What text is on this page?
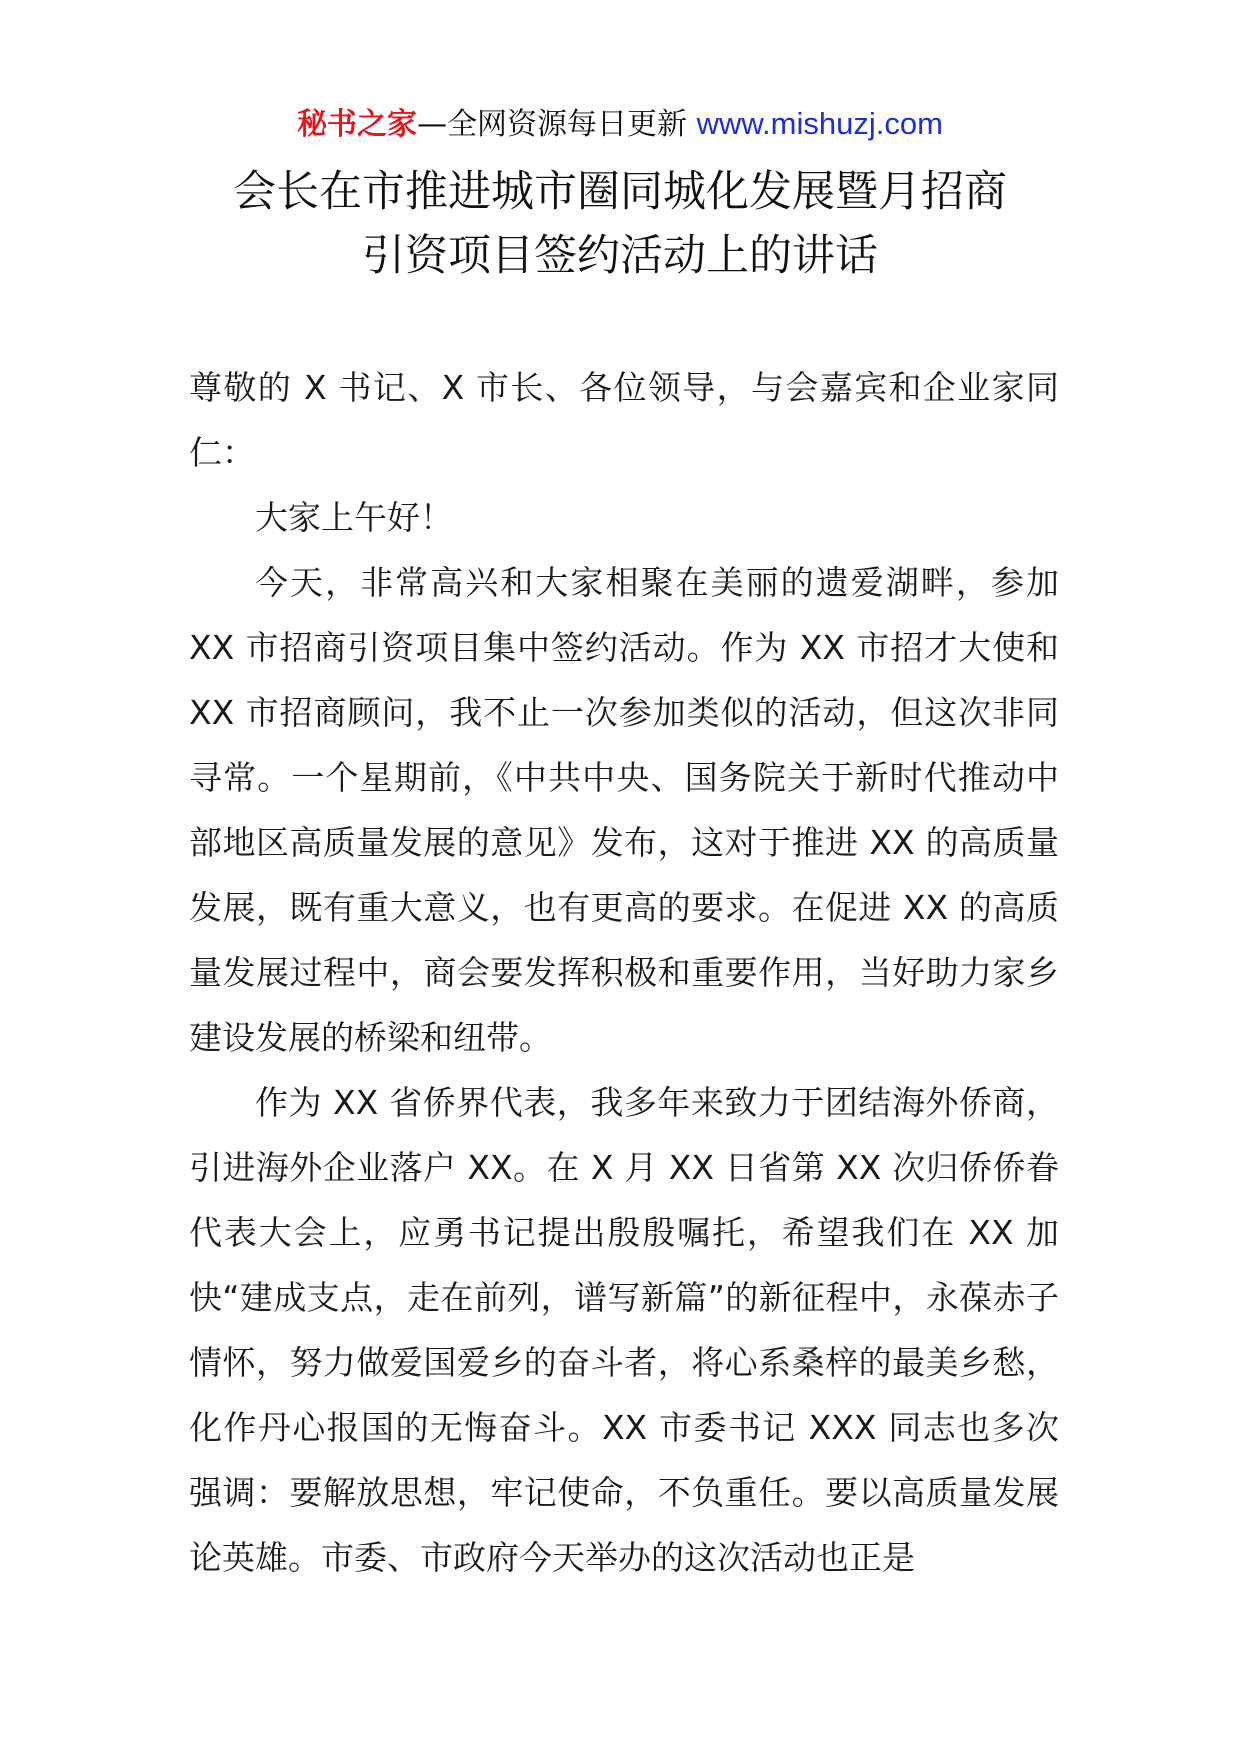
秘书之家—全网资源每日更新 www.mishuzj.com
会长在市推进城市圈同城化发展暨月招商
引资项目签约活动上的讲话

尊敬的 X 书记、X 市长、各位领导，与会嘉宾和企业家同仁：

大家上午好！

今天，非常高兴和大家相聚在美丽的遗爱湖畔，参加 XX 市招商引资项目集中签约活动。作为 XX 市招才大使和 XX 市招商顾问，我不止一次参加类似的活动，但这次非同寻常。一个星期前，《中共中央、国务院关于新时代推动中部地区高质量发展的意见》发布，这对于推进 XX 的高质量发展，既有重大意义，也有更高的要求。在促进 XX 的高质量发展过程中，商会要发挥积极和重要作用，当好助力家乡建设发展的桥梁和纽带。

作为 XX 省侨界代表，我多年来致力于团结海外侨商，引进海外企业落户 XX。在 X 月 XX 日省第 XX 次归侨侨眷代表大会上，应勇书记提出殷殷嘱托，希望我们在 XX 加快“建成支点，走在前列，谱写新篇”的新征程中，永葆赤子情怀，努力做爱国爱乡的奋斗者，将心系桑梓的最美乡愁，化作丹心报国的无悔奋斗。XX 市委书记 XXX 同志也多次强调：要解放思想，牢记使命，不负重任。要以高质量发展论英雄。市委、市政府今天举办的这次活动也正是
